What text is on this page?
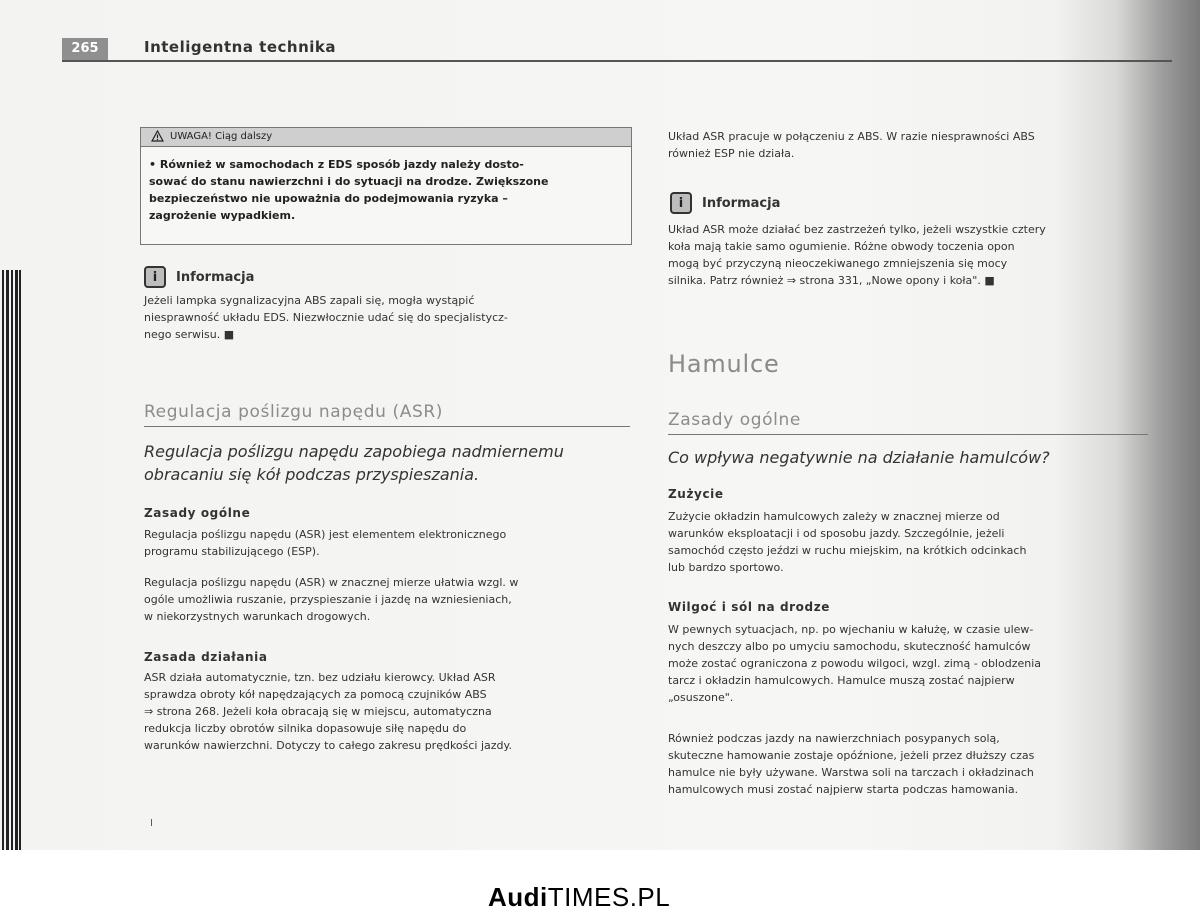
265	Inteligentna technika
UWAGA! Ciąg dalszy
• Również w samochodach z EDS sposób jazdy należy dosto-
sować do stanu nawierzchni i do sytuacji na drodze. Zwiększone
bezpieczeństwo nie upoważnia do podejmowania ryzyka –
zagrożenie wypadkiem.
i	Informacja
Jeżeli lampka sygnalizacyjna ABS zapali się, mogła wystąpić
niesprawność układu EDS. Niezwłocznie udać się do specjalistycz-
nego serwisu. ■
Regulacja poślizgu napędu (ASR)
Regulacja poślizgu napędu zapobiega nadmiernemu
obracaniu się kół podczas przyspieszania.
Zasady ogólne
Regulacja poślizgu napędu (ASR) jest elementem elektronicznego
programu stabilizującego (ESP).
Regulacja poślizgu napędu (ASR) w znacznej mierze ułatwia wzgl. w
ogóle umożliwia ruszanie, przyspieszanie i jazdę na wzniesieniach,
w niekorzystnych warunkach drogowych.
Zasada działania
ASR działa automatycznie, tzn. bez udziału kierowcy. Układ ASR
sprawdza obroty kół napędzających za pomocą czujników ABS
⇒ strona 268. Jeżeli koła obracają się w miejscu, automatyczna
redukcja liczby obrotów silnika dopasowuje siłę napędu do
warunków nawierzchni. Dotyczy to całego zakresu prędkości jazdy.
Układ ASR pracuje w połączeniu z ABS. W razie niesprawności ABS
również ESP nie działa.
i	Informacja
Układ ASR może działać bez zastrzeżeń tylko, jeżeli wszystkie cztery
koła mają takie samo ogumienie. Różne obwody toczenia opon
mogą być przyczyną nieoczekiwanego zmniejszenia się mocy
silnika. Patrz również ⇒ strona 331, „Nowe opony i koła". ■
Hamulce
Zasady ogólne
Co wpływa negatywnie na działanie hamulców?
Zużycie
Zużycie okładzin hamulcowych zależy w znacznej mierze od
warunków eksploatacji i od sposobu jazdy. Szczególnie, jeżeli
samochód często jeździ w ruchu miejskim, na krótkich odcinkach
lub bardzo sportowo.
Wilgoć i sól na drodze
W pewnych sytuacjach, np. po wjechaniu w kałużę, w czasie ulew-
nych deszczy albo po umyciu samochodu, skuteczność hamulców
może zostać ograniczona z powodu wilgoci, wzgl. zimą - oblodzenia
tarcz i okładzin hamulcowych. Hamulce muszą zostać najpierw
„osuszone".
Również podczas jazdy na nawierzchniach posypanych solą,
skuteczne hamowanie zostaje opóźnione, jeżeli przez dłuższy czas
hamulce nie były używane. Warstwa soli na tarczach i okładzinach
hamulcowych musi zostać najpierw starta podczas hamowania.
I
AudiTIMES.PL
